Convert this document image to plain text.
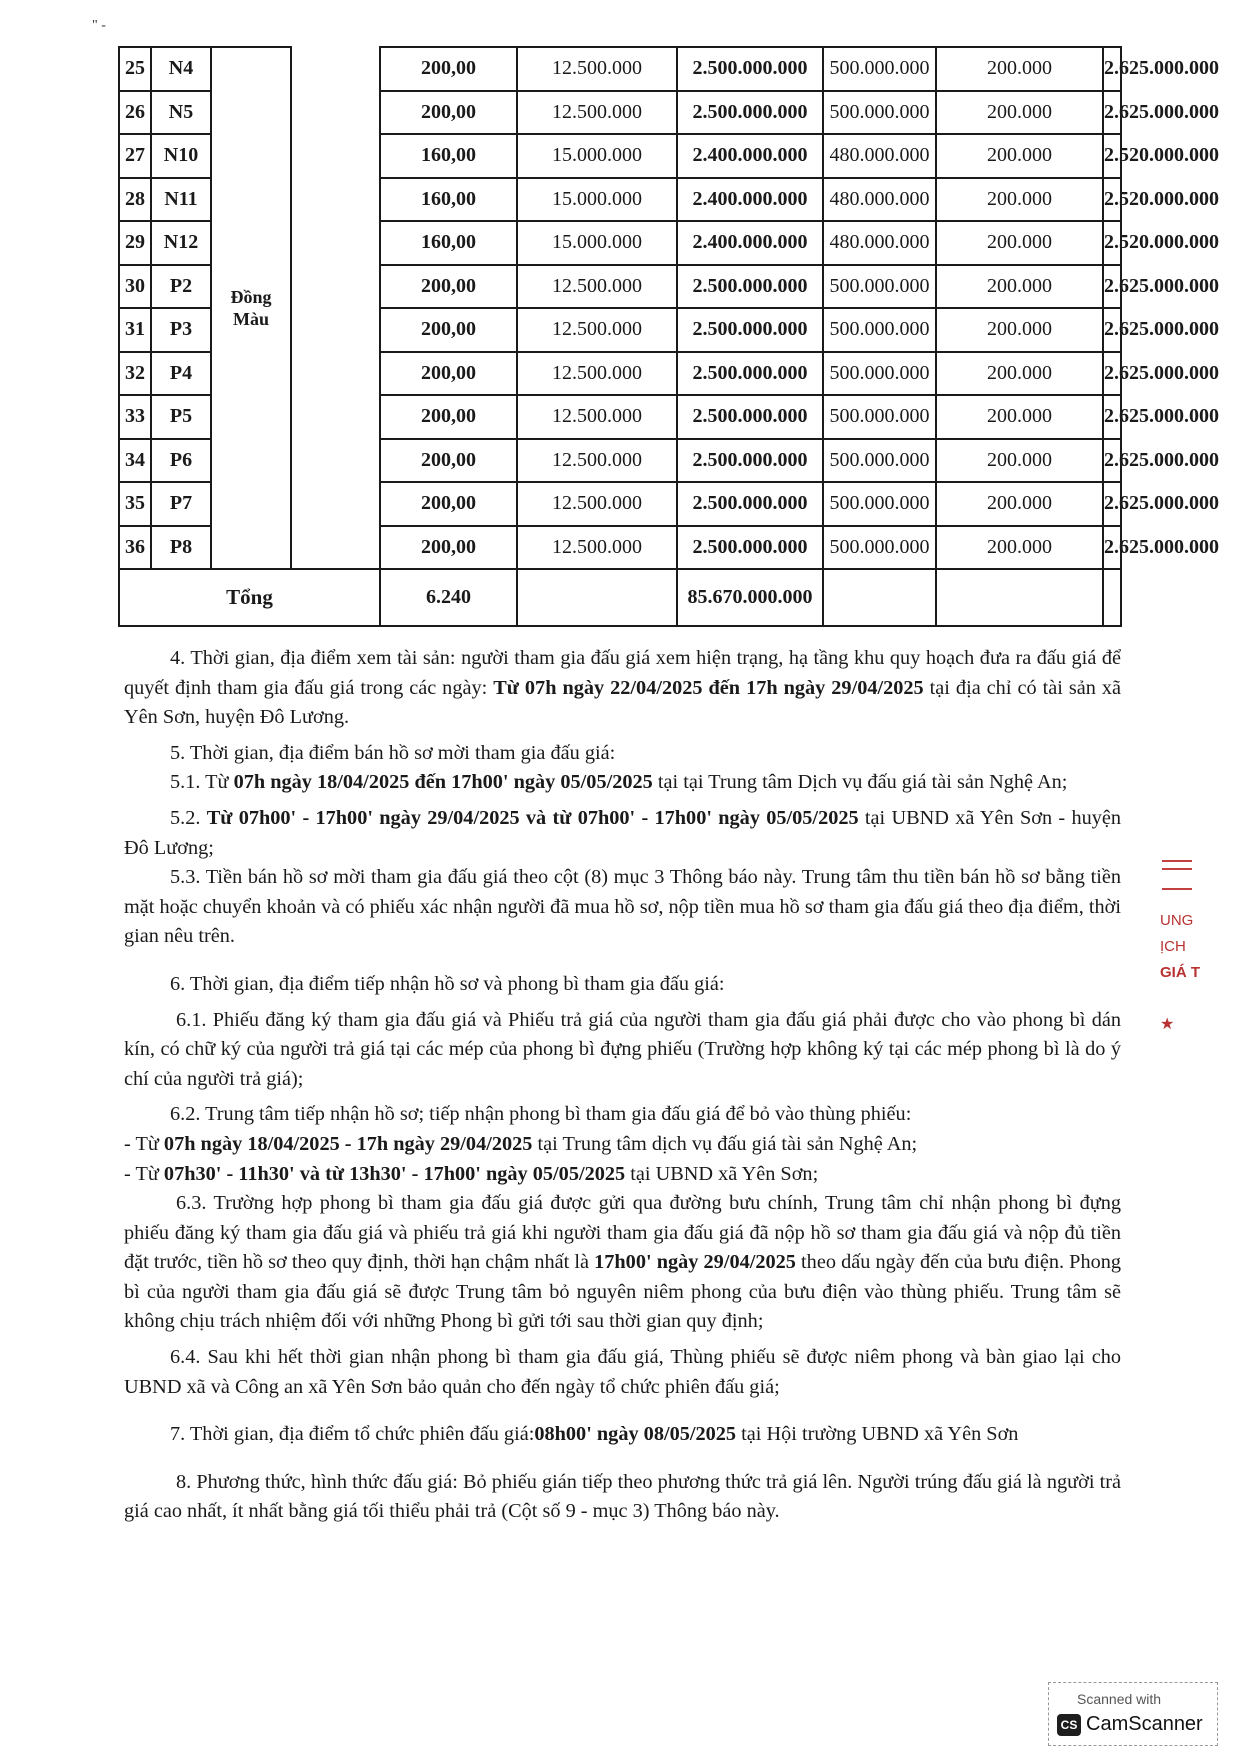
" -
25	N4	Đồng Màu		200,00	12.500.000	2.500.000.000	500.000.000	200.000	2.625.000.000
26	N5			200,00	12.500.000	2.500.000.000	500.000.000	200.000	2.625.000.000
27	N10			160,00	15.000.000	2.400.000.000	480.000.000	200.000	2.520.000.000
28	N11			160,00	15.000.000	2.400.000.000	480.000.000	200.000	2.520.000.000
29	N12			160,00	15.000.000	2.400.000.000	480.000.000	200.000	2.520.000.000
30	P2			200,00	12.500.000	2.500.000.000	500.000.000	200.000	2.625.000.000
31	P3			200,00	12.500.000	2.500.000.000	500.000.000	200.000	2.625.000.000
32	P4			200,00	12.500.000	2.500.000.000	500.000.000	200.000	2.625.000.000
33	P5			200,00	12.500.000	2.500.000.000	500.000.000	200.000	2.625.000.000
34	P6			200,00	12.500.000	2.500.000.000	500.000.000	200.000	2.625.000.000
35	P7			200,00	12.500.000	2.500.000.000	500.000.000	200.000	2.625.000.000
36	P8			200,00	12.500.000	2.500.000.000	500.000.000	200.000	2.625.000.000
Tổng				6.240		85.670.000.000			

4. Thời gian, địa điểm xem tài sản: người tham gia đấu giá xem hiện trạng, hạ tầng khu quy hoạch đưa ra đấu giá để quyết định tham gia đấu giá trong các ngày: Từ 07h ngày 22/04/2025 đến 17h ngày 29/04/2025 tại địa chỉ có tài sản xã Yên Sơn, huyện Đô Lương.

5. Thời gian, địa điểm bán hồ sơ mời tham gia đấu giá:

5.1. Từ 07h ngày 18/04/2025 đến 17h00' ngày 05/05/2025 tại tại Trung tâm Dịch vụ đấu giá tài sản Nghệ An;

5.2. Từ 07h00' - 17h00' ngày 29/04/2025 và từ 07h00' - 17h00' ngày 05/05/2025 tại UBND xã Yên Sơn - huyện Đô Lương;

5.3. Tiền bán hồ sơ mời tham gia đấu giá theo cột (8) mục 3 Thông báo này. Trung tâm thu tiền bán hồ sơ bằng tiền mặt hoặc chuyển khoản và có phiếu xác nhận người đã mua hồ sơ, nộp tiền mua hồ sơ tham gia đấu giá theo địa điểm, thời gian nêu trên.

6. Thời gian, địa điểm tiếp nhận hồ sơ và phong bì tham gia đấu giá:

6.1. Phiếu đăng ký tham gia đấu giá và Phiếu trả giá của người tham gia đấu giá phải được cho vào phong bì dán kín, có chữ ký của người trả giá tại các mép của phong bì đựng phiếu (Trường hợp không ký tại các mép phong bì là do ý chí của người trả giá);

6.2. Trung tâm tiếp nhận hồ sơ; tiếp nhận phong bì tham gia đấu giá để bỏ vào thùng phiếu:

- Từ 07h ngày 18/04/2025 - 17h ngày 29/04/2025 tại Trung tâm dịch vụ đấu giá tài sản Nghệ An;

- Từ 07h30' - 11h30' và từ 13h30' - 17h00' ngày 05/05/2025 tại UBND xã Yên Sơn;

6.3. Trường hợp phong bì tham gia đấu giá được gửi qua đường bưu chính, Trung tâm chỉ nhận phong bì đựng phiếu đăng ký tham gia đấu giá và phiếu trả giá khi người tham gia đấu giá đã nộp hồ sơ tham gia đấu giá và nộp đủ tiền đặt trước, tiền hồ sơ theo quy định, thời hạn chậm nhất là 17h00' ngày 29/04/2025 theo dấu ngày đến của bưu điện. Phong bì của người tham gia đấu giá sẽ được Trung tâm bỏ nguyên niêm phong của bưu điện vào thùng phiếu. Trung tâm sẽ không chịu trách nhiệm đối với những Phong bì gửi tới sau thời gian quy định;

6.4. Sau khi hết thời gian nhận phong bì tham gia đấu giá, Thùng phiếu sẽ được niêm phong và bàn giao lại cho UBND xã và Công an xã Yên Sơn bảo quản cho đến ngày tổ chức phiên đấu giá;

7. Thời gian, địa điểm tổ chức phiên đấu giá:08h00' ngày 08/05/2025 tại Hội trường UBND xã Yên Sơn

8. Phương thức, hình thức đấu giá: Bỏ phiếu gián tiếp theo phương thức trả giá lên. Người trúng đấu giá là người trả giá cao nhất, ít nhất bằng giá tối thiểu phải trả (Cột số 9 - mục 3) Thông báo này.

UNG
ỊCH
GIÁ T
★
Scanned with
CS CamScanner
